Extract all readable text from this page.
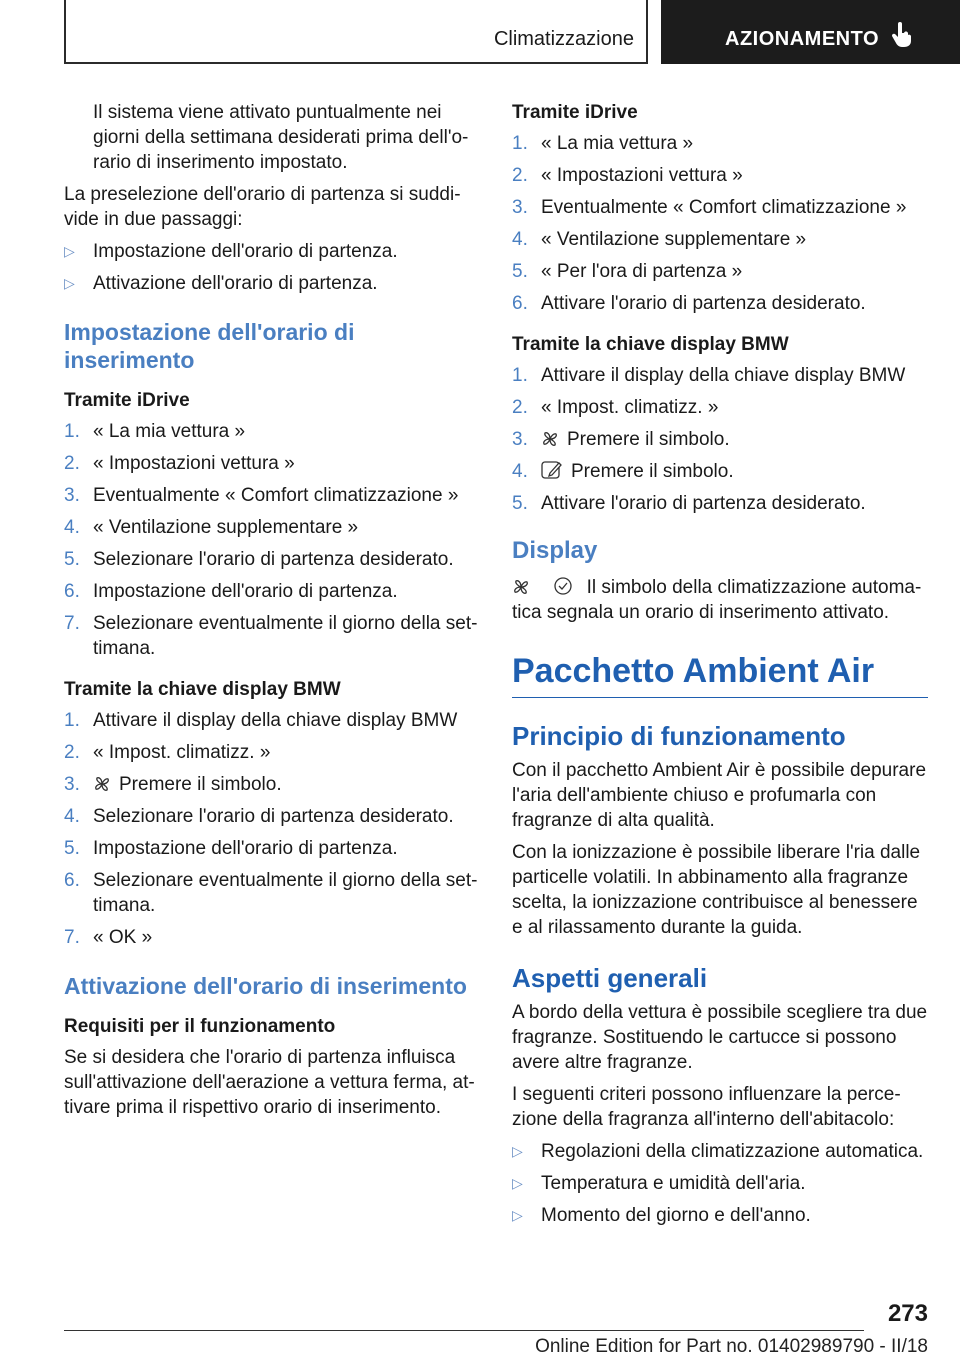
Climatizzazione	AZIONAMENTO

Il sistema viene attivato puntualmente nei giorni della settimana desiderati prima dell'orario di inserimento impostato.

La preselezione dell'orario di partenza si suddivide in due passaggi:

▷ Impostazione dell'orario di partenza.
▷ Attivazione dell'orario di partenza.
Impostazione dell'orario di inserimento
Tramite iDrive
1. « La mia vettura »
2. « Impostazioni vettura »
3. Eventualmente « Comfort climatizzazione »
4. « Ventilazione supplementare »
5. Selezionare l'orario di partenza desiderato.
6. Impostazione dell'orario di partenza.
7. Selezionare eventualmente il giorno della settimana.
Tramite la chiave display BMW
1. Attivare il display della chiave display BMW
2. « Impost. climatizz. »
3. Premere il simbolo.
4. Selezionare l'orario di partenza desiderato.
5. Impostazione dell'orario di partenza.
6. Selezionare eventualmente il giorno della settimana.
7. « OK »
Attivazione dell'orario di inserimento
Requisiti per il funzionamento

Se si desidera che l'orario di partenza influisca sull'attivazione dell'aerazione a vettura ferma, attivare prima il rispettivo orario di inserimento.

Tramite iDrive
1. « La mia vettura »
2. « Impostazioni vettura »
3. Eventualmente « Comfort climatizzazione »
4. « Ventilazione supplementare »
5. « Per l'ora di partenza »
6. Attivare l'orario di partenza desiderato.
Tramite la chiave display BMW
1. Attivare il display della chiave display BMW
2. « Impost. climatizz. »
3. Premere il simbolo.
4. Premere il simbolo.
5. Attivare l'orario di partenza desiderato.
Display

Il simbolo della climatizzazione automatica segnala un orario di inserimento attivato.

Pacchetto Ambient Air
Principio di funzionamento

Con il pacchetto Ambient Air è possibile depurare l'aria dell'ambiente chiuso e profumarla con fragranze di alta qualità.

Con la ionizzazione è possibile liberare l'ria dalle particelle volatili. In abbinamento alla fragranze scelta, la ionizzazione contribuisce al benessere e al rilassamento durante la guida.

Aspetti generali

A bordo della vettura è possibile scegliere tra due fragranze. Sostituendo le cartucce si possono avere altre fragranze.

I seguenti criteri possono influenzare la percezione della fragranza all'interno dell'abitacolo:

▷ Regolazioni della climatizzazione automatica.
▷ Temperatura e umidità dell'aria.
▷ Momento del giorno e dell'anno.
273
Online Edition for Part no. 01402989790 - II/18
